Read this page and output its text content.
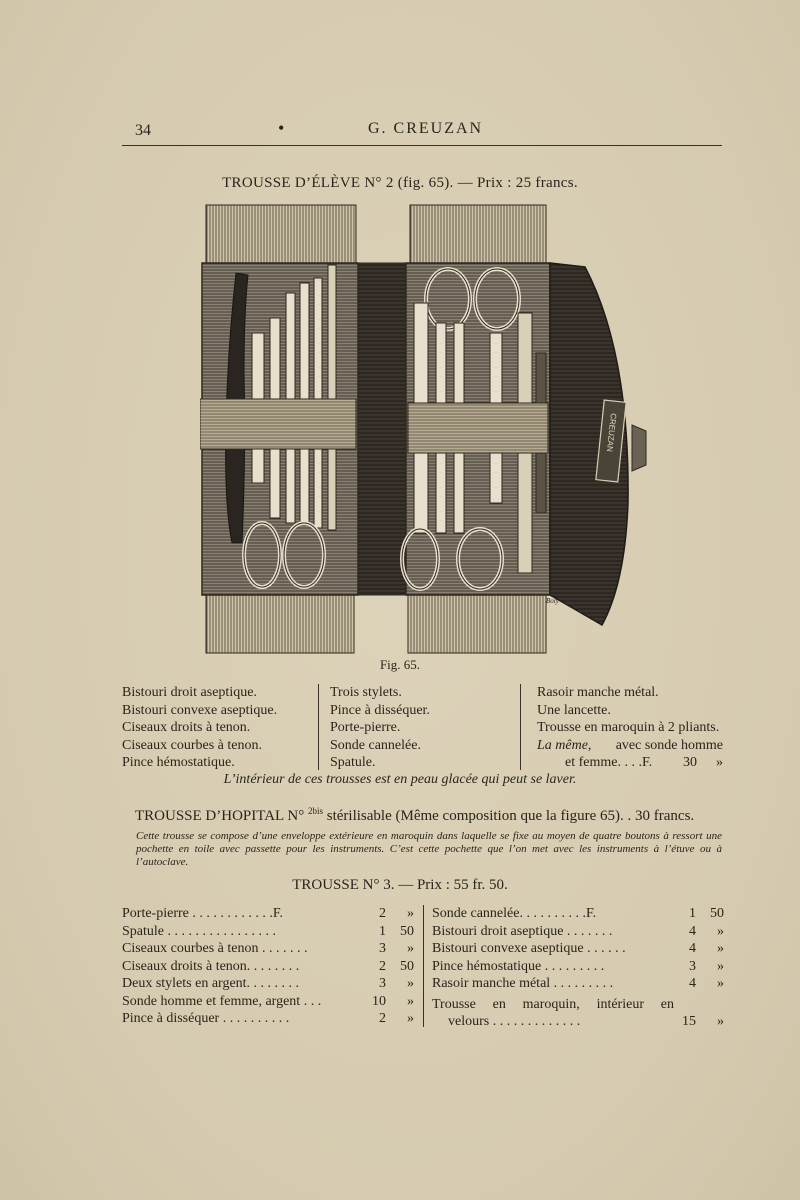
34	•	G. CREUZAN
TROUSSE D’ÉLÈVE N° 2 (fig. 65). — Prix : 25 francs.
CREUZAN
Boly
Fig. 65.
Bistouri droit aseptique.
Bistouri convexe aseptique.
Ciseaux droits à tenon.
Ciseaux courbes à tenon.
Pince hémostatique.
Trois stylets.
Pince à disséquer.
Porte-pierre.
Sonde cannelée.
Spatule.
Rasoir manche métal.
Une lancette.
Trousse en maroquin à 2 pliants.
La même, avec sonde homme
et femme. . . .F.	30	»
L’intérieur de ces trousses est en peau glacée qui peut se laver.
TROUSSE D’HOPITAL N° $^{2bis}$ stérilisable (Même composition que la figure 65). . 30 francs.
Cette trousse se compose d’une enveloppe extérieure en maroquin dans laquelle se fixe au moyen de quatre boutons à ressort une pochette en toile avec passette pour les instruments. C’est cette pochette que l’on met avec les instruments à l’étuve ou à l’autoclave.
TROUSSE N° 3. — Prix : 55 fr. 50.
Porte-pierre . . . . . . . . . . . .F.	2	»
Spatule . . . . . . . . . . . . . . . .	1	50
Ciseaux courbes à tenon . . . . . . .	3	»
Ciseaux droits à tenon. . . . . . . .	2	50
Deux stylets en argent. . . . . . . .	3	»
Sonde homme et femme, argent . . .	10	»
Pince à disséquer . . . . . . . . . .	2	»
Sonde cannelée. . . . . . . . . .F.	1	50
Bistouri droit aseptique . . . . . . .	4	»
Bistouri convexe aseptique . . . . . .	4	»
Pince hémostatique . . . . . . . . .	3	»
Rasoir manche métal . . . . . . . . .	4	»
Trousse en maroquin, intérieur en
velours . . . . . . . . . . . . .	15	»
